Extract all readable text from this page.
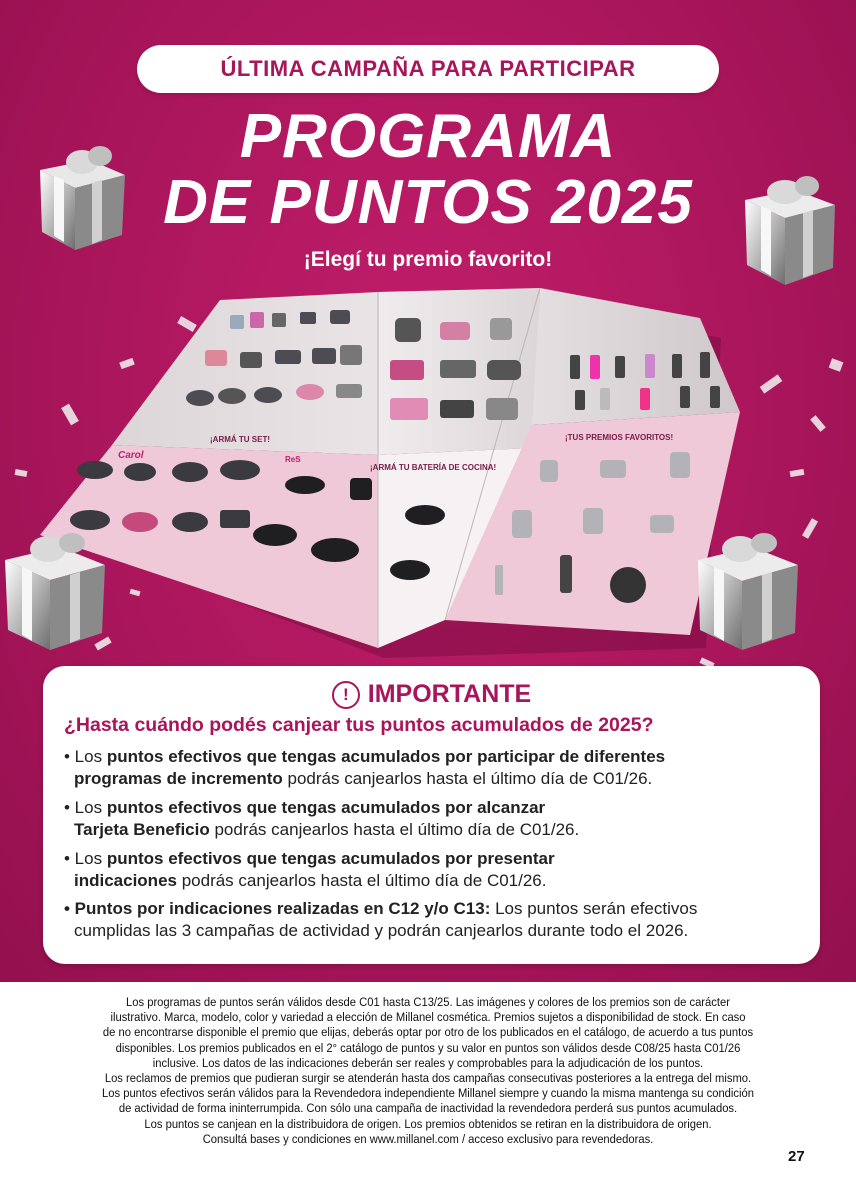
ÚLTIMA CAMPAÑA PARA PARTICIPAR
PROGRAMA
DE PUNTOS 2025
¡Elegí tu premio favorito!
¡ARMÁ TU SET!
¡ARMÁ TU BATERÍA DE COCINA!
¡TUS PREMIOS FAVORITOS!
Carol	ReS
! IMPORTANTE
¿Hasta cuándo podés canjear tus puntos acumulados de 2025?
• Los puntos efectivos que tengas acumulados por participar de diferentes
programas de incremento podrás canjearlos hasta el último día de C01/26.
• Los puntos efectivos que tengas acumulados por alcanzar
Tarjeta Beneficio podrás canjearlos hasta el último día de C01/26.
• Los puntos efectivos que tengas acumulados por presentar
indicaciones podrás canjearlos hasta el último día de C01/26.
• Puntos por indicaciones realizadas en C12 y/o C13: Los puntos serán efectivos
cumplidas las 3 campañas de actividad y podrán canjearlos durante todo el 2026.
Los programas de puntos serán válidos desde C01 hasta C13/25. Las imágenes y colores de los premios son de carácter
ilustrativo. Marca, modelo, color y variedad a elección de Millanel cosmética. Premios sujetos a disponibilidad de stock. En caso
de no encontrarse disponible el premio que elijas, deberás optar por otro de los publicados en el catálogo, de acuerdo a tus puntos
disponibles. Los premios publicados en el 2° catálogo de puntos y su valor en puntos son válidos desde C08/25 hasta C01/26
inclusive. Los datos de las indicaciones deberán ser reales y comprobables para la adjudicación de los puntos.
Los reclamos de premios que pudieran surgir se atenderán hasta dos campañas consecutivas posteriores a la entrega del mismo.
Los puntos efectivos serán válidos para la Revendedora independiente Millanel siempre y cuando la misma mantenga su condición
de actividad de forma ininterrumpida. Con sólo una campaña de inactividad la revendedora perderá sus puntos acumulados.
Los puntos se canjean en la distribuidora de origen. Los premios obtenidos se retiran en la distribuidora de origen.
Consultá bases y condiciones en www.millanel.com / acceso exclusivo para revendedoras.
27
